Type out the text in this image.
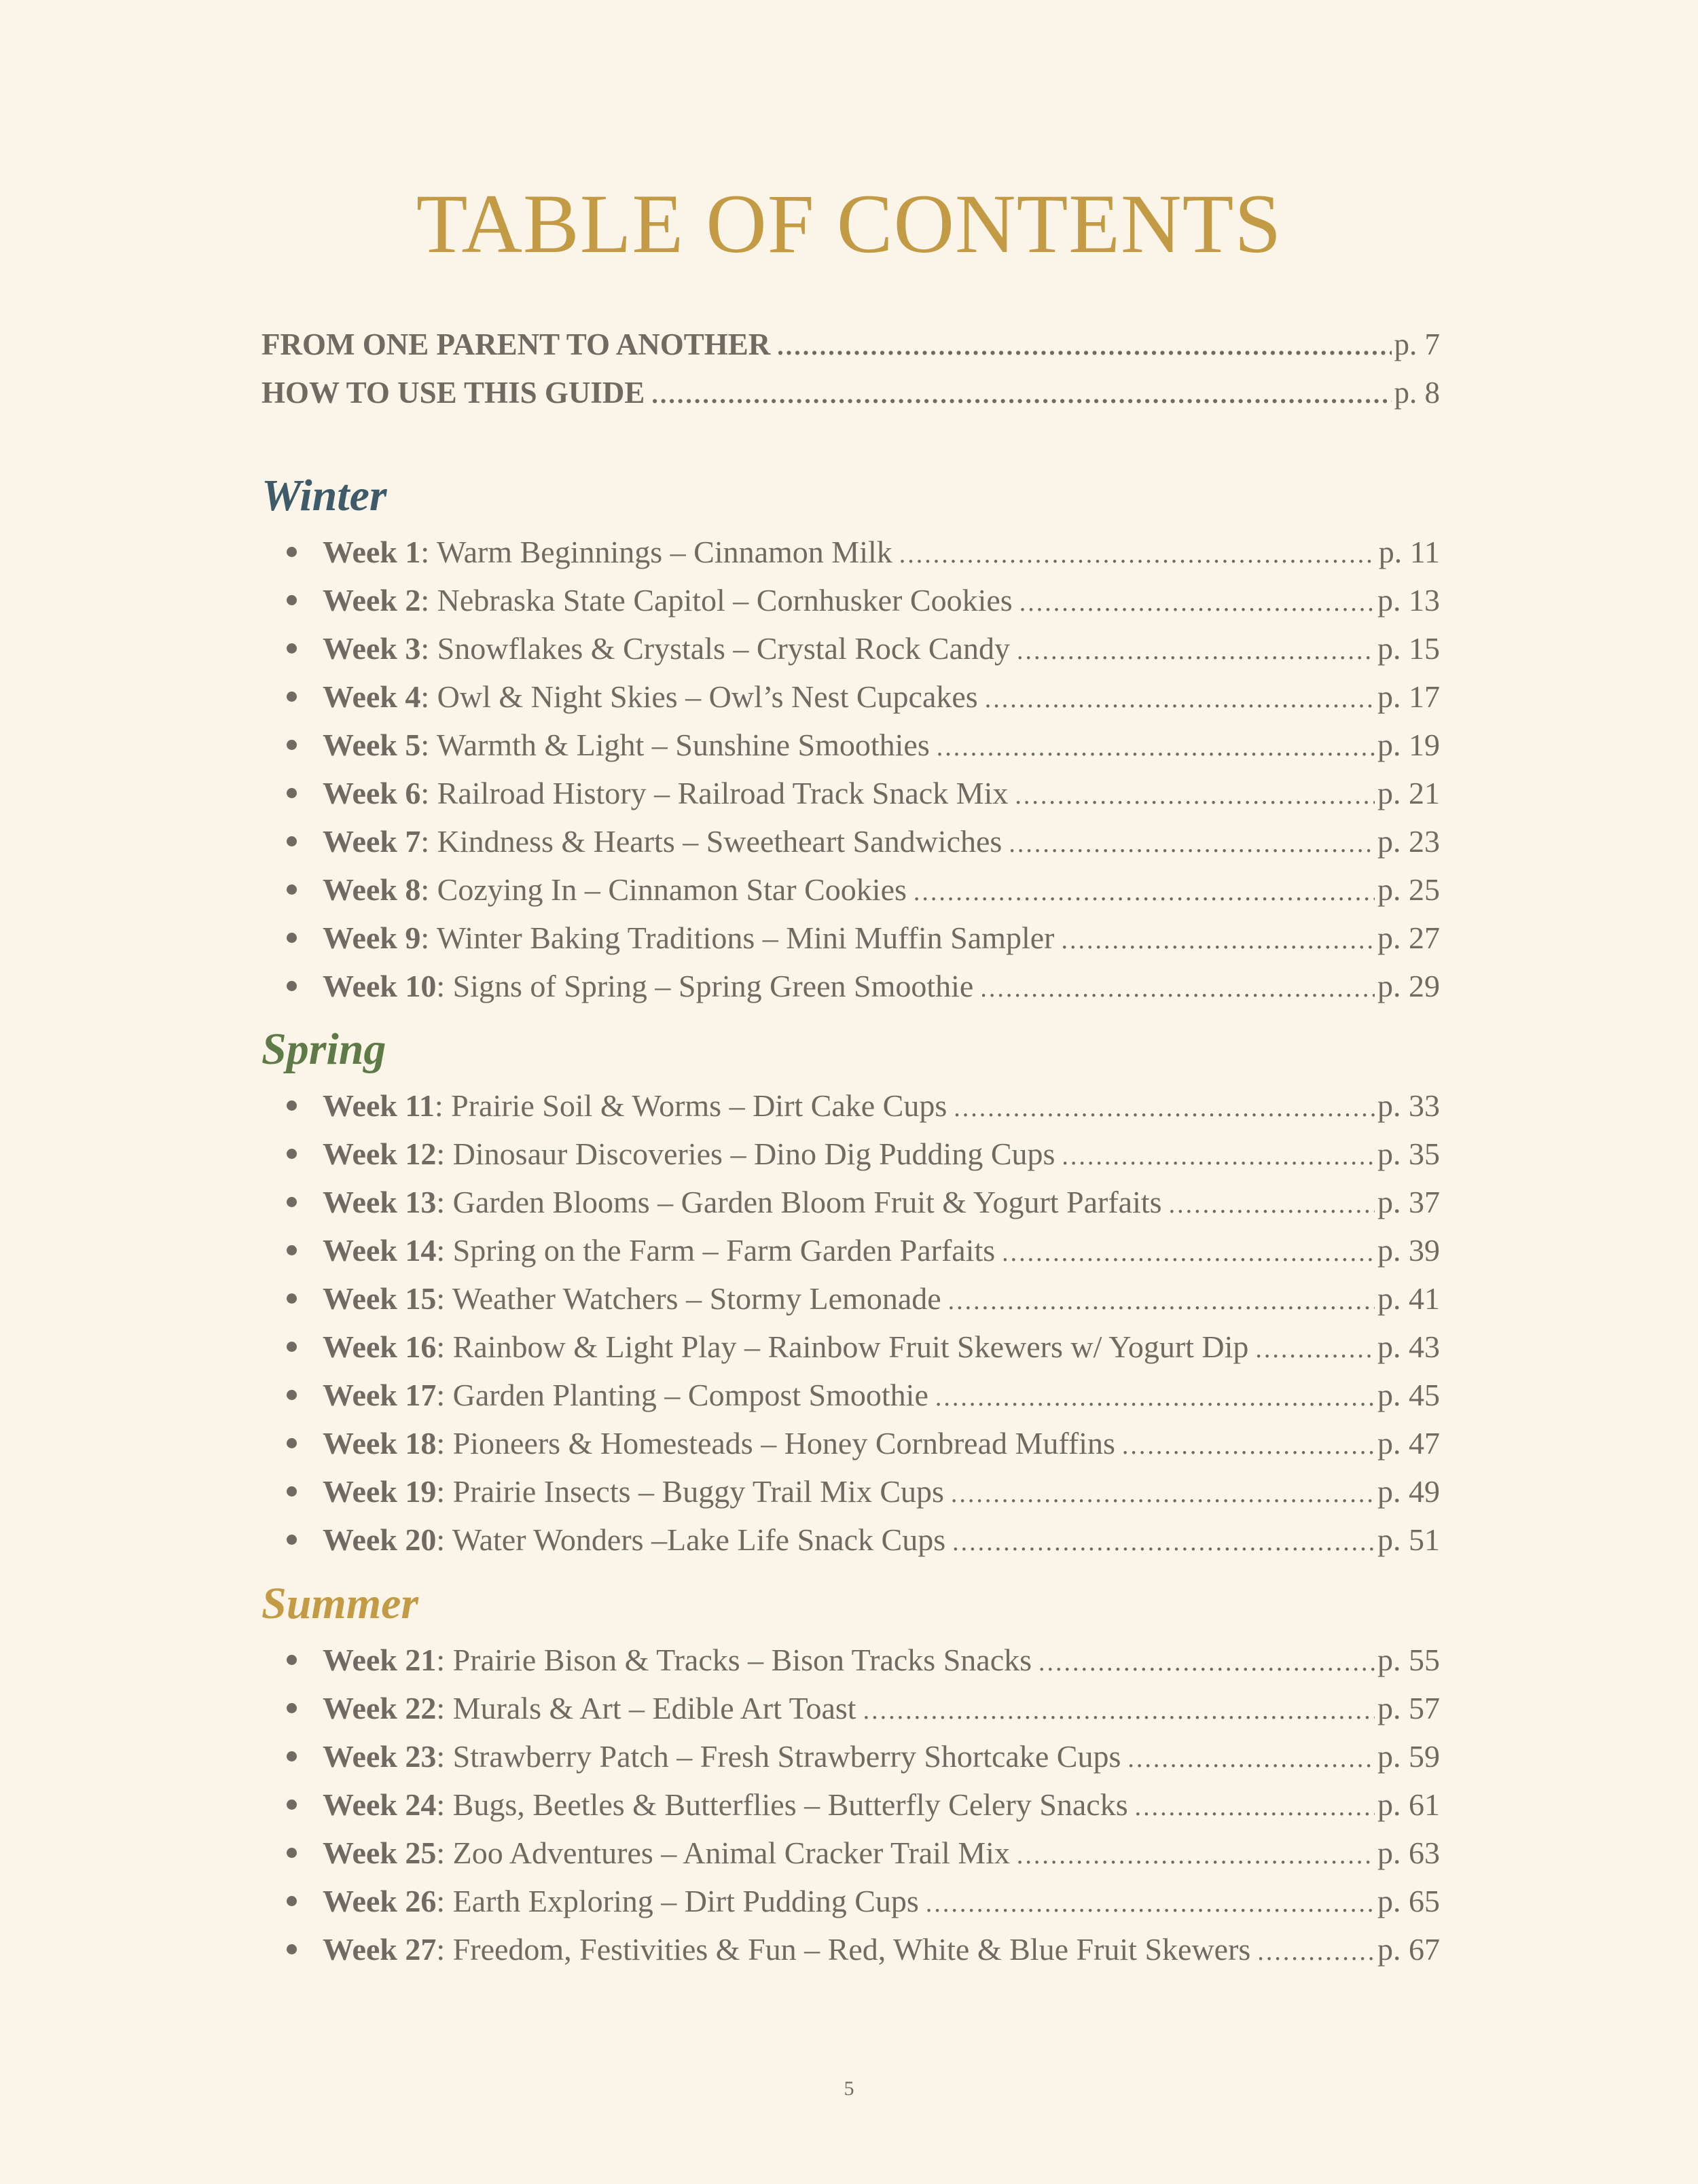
TABLE OF CONTENTS
FROM ONE PARENT TO ANOTHER .....	p. 7
HOW TO USE THIS GUIDE .....	p. 8
Winter
Week 1: Warm Beginnings – Cinnamon Milk .....	p. 11
Week 2: Nebraska State Capitol – Cornhusker Cookies .....	p. 13
Week 3: Snowflakes & Crystals – Crystal Rock Candy .....	p. 15
Week 4: Owl & Night Skies – Owl’s Nest Cupcakes .....	p. 17
Week 5: Warmth & Light – Sunshine Smoothies .....	p. 19
Week 6: Railroad History – Railroad Track Snack Mix .....	p. 21
Week 7: Kindness & Hearts – Sweetheart Sandwiches .....	p. 23
Week 8: Cozying In – Cinnamon Star Cookies .....	p. 25
Week 9: Winter Baking Traditions – Mini Muffin Sampler .....	p. 27
Week 10: Signs of Spring – Spring Green Smoothie .....	p. 29
Spring
Week 11: Prairie Soil & Worms – Dirt Cake Cups .....	p. 33
Week 12: Dinosaur Discoveries – Dino Dig Pudding Cups .....	p. 35
Week 13: Garden Blooms – Garden Bloom Fruit & Yogurt Parfaits .....	p. 37
Week 14: Spring on the Farm – Farm Garden Parfaits .....	p. 39
Week 15: Weather Watchers – Stormy Lemonade .....	p. 41
Week 16: Rainbow & Light Play – Rainbow Fruit Skewers w/ Yogurt Dip .....	p. 43
Week 17: Garden Planting – Compost Smoothie .....	p. 45
Week 18: Pioneers & Homesteads – Honey Cornbread Muffins .....	p. 47
Week 19: Prairie Insects – Buggy Trail Mix Cups .....	p. 49
Week 20: Water Wonders –Lake Life Snack Cups .....	p. 51
Summer
Week 21: Prairie Bison & Tracks – Bison Tracks Snacks .....	p. 55
Week 22: Murals & Art – Edible Art Toast .....	p. 57
Week 23: Strawberry Patch – Fresh Strawberry Shortcake Cups .....	p. 59
Week 24: Bugs, Beetles & Butterflies – Butterfly Celery Snacks .....	p. 61
Week 25: Zoo Adventures – Animal Cracker Trail Mix .....	p. 63
Week 26: Earth Exploring – Dirt Pudding Cups .....	p. 65
Week 27: Freedom, Festivities & Fun – Red, White & Blue Fruit Skewers .....	p. 67
5
